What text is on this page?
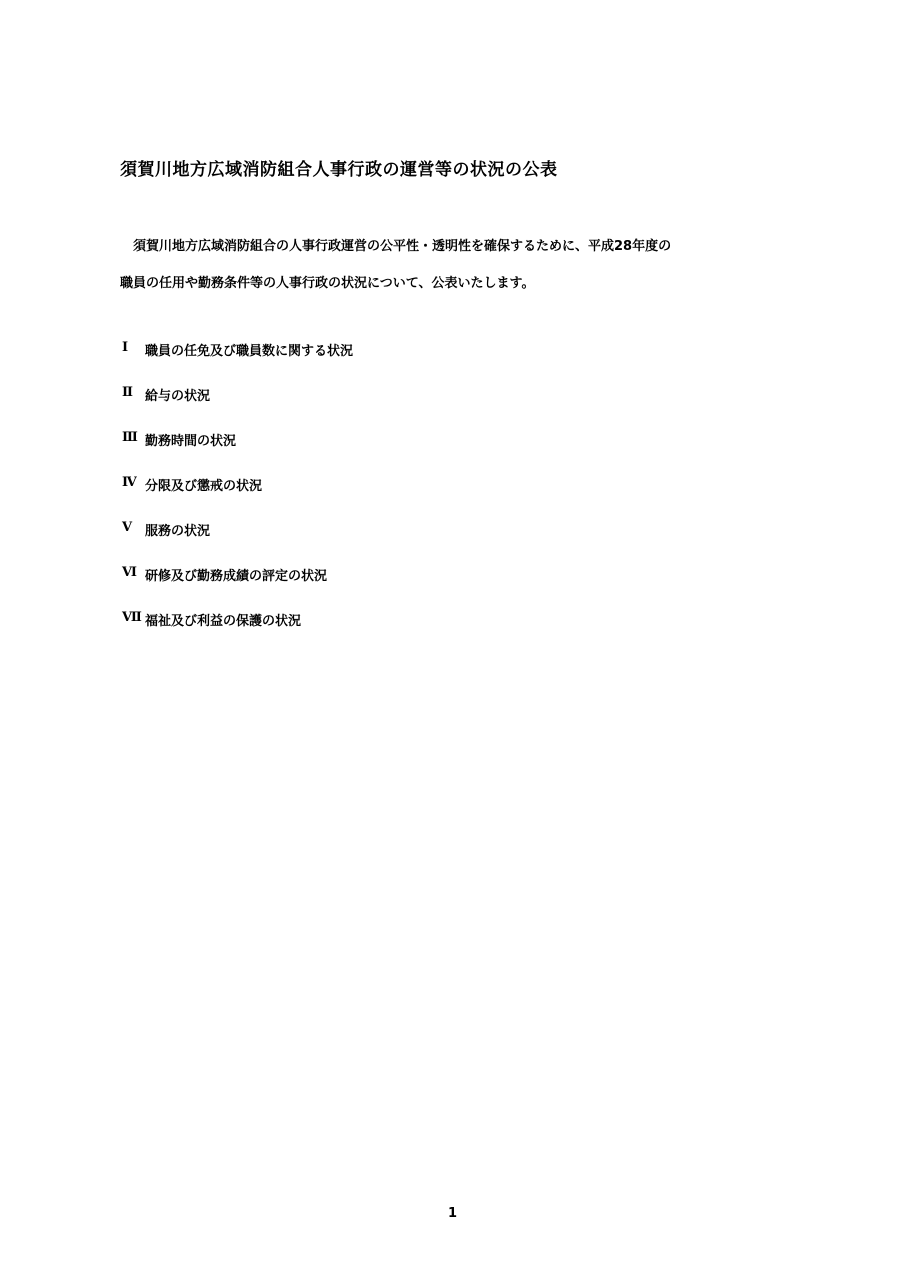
須賀川地方広域消防組合人事行政の運営等の状況の公表
須賀川地方広域消防組合の人事行政運営の公平性・透明性を確保するために、平成28年度の
職員の任用や勤務条件等の人事行政の状況について、公表いたします。
Ⅰ	職員の任免及び職員数に関する状況
Ⅱ 給与の状況
Ⅲ 勤務時間の状況
Ⅳ 分限及び懲戒の状況
Ⅴ 服務の状況
Ⅵ 研修及び勤務成績の評定の状況
Ⅶ 福祉及び利益の保護の状況
1
